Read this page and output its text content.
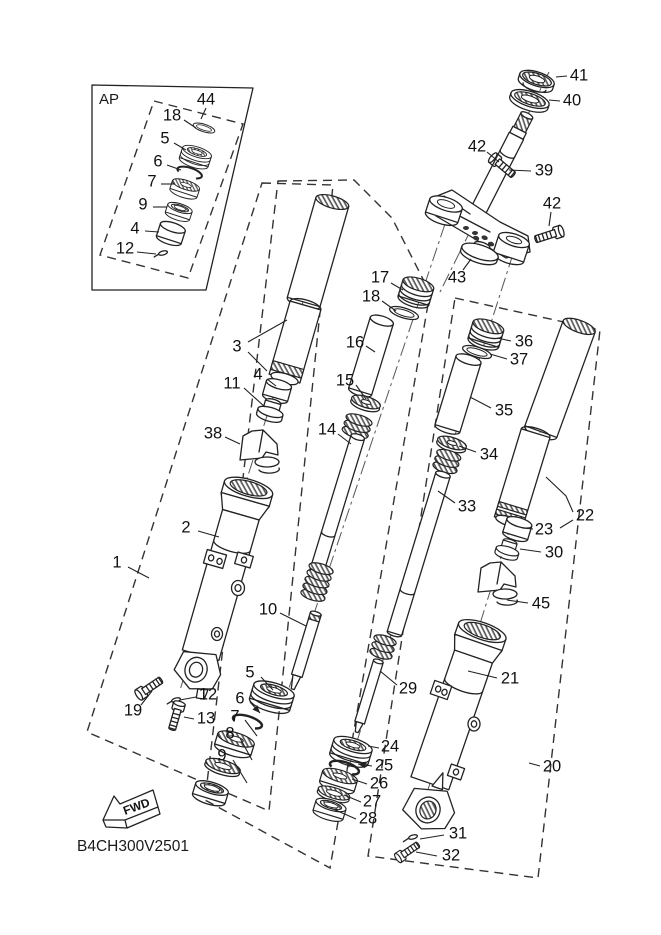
AP
FWD
B4CH300V2501
44
18
5
6
7
9
4
12
41
40
39
42
42
43
1
2
3
4
11
38
19
12
13
17
18
16
15
14
10
5
6
7
8
9	24
25
26
27
28
29
31
32
36
37
35
34
33	22
23
30
45
21
20
